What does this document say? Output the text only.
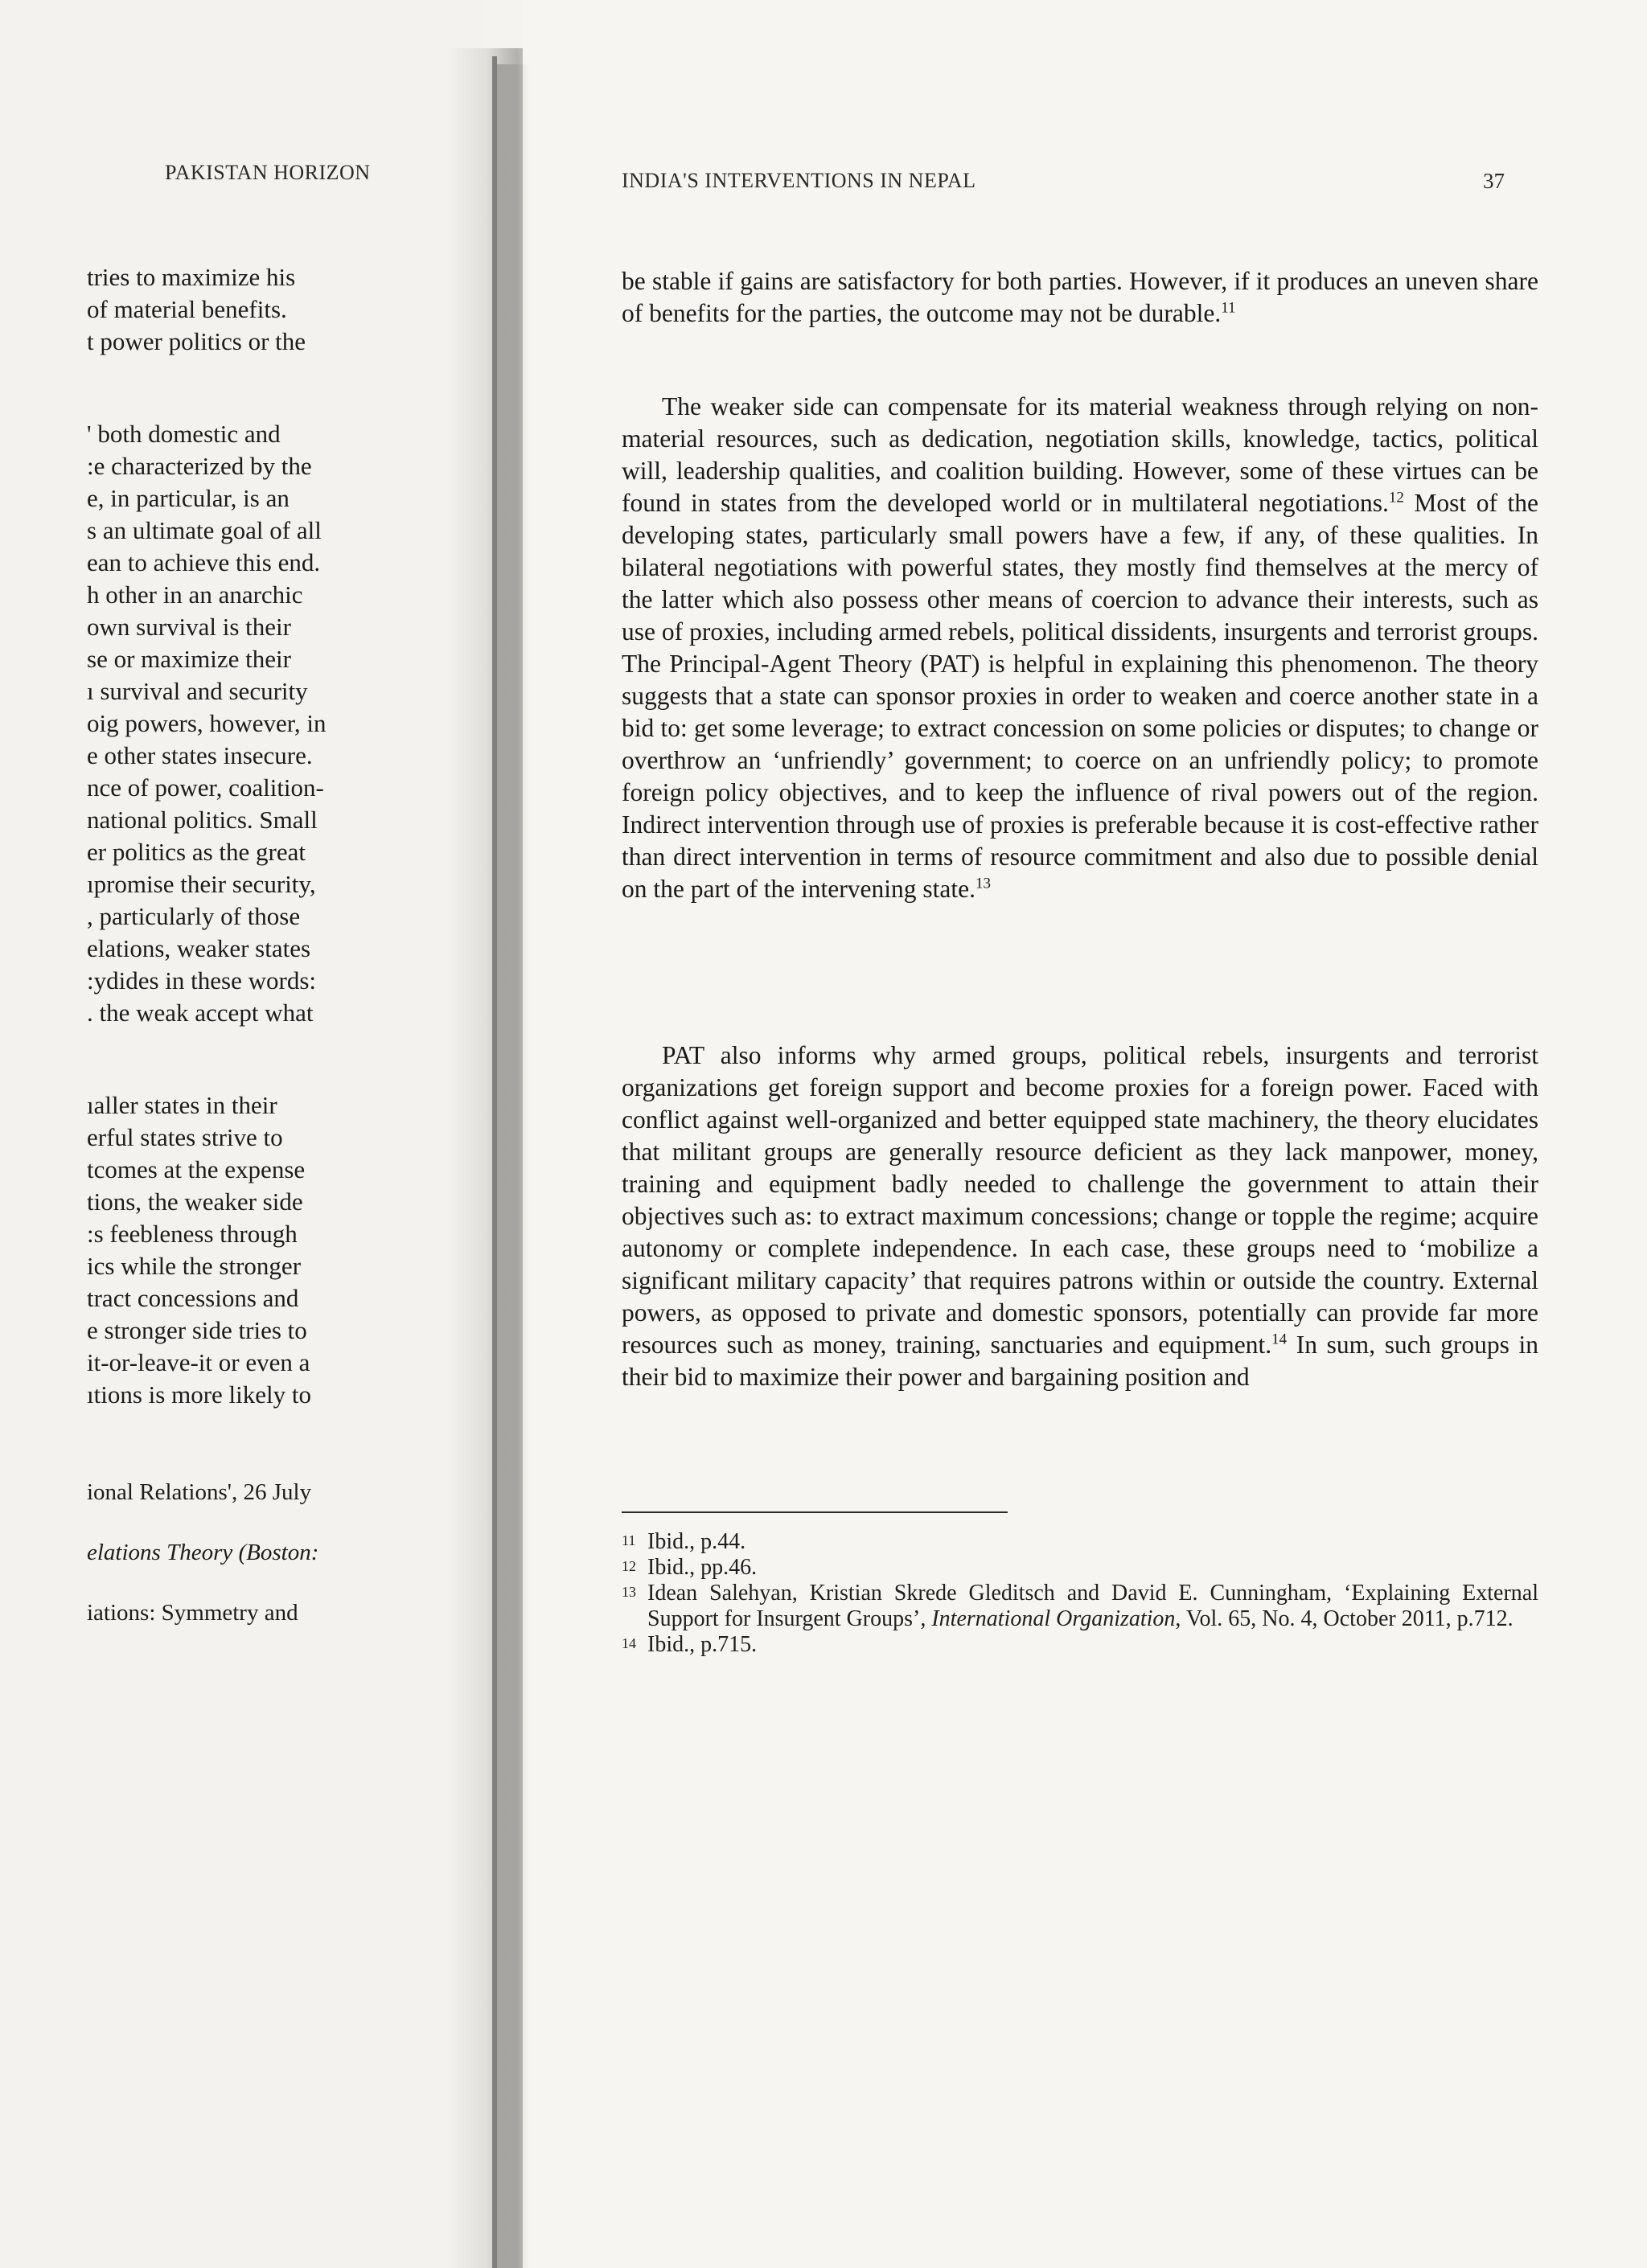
PAKISTAN HORIZON
tries to maximize his
of material benefits.
t power politics or the
' both domestic and
:e characterized by the
e, in particular, is an
s an ultimate goal of all
ean to achieve this end.
h other in an anarchic
own survival is their
se or maximize their
ı survival and security
oig powers, however, in
e other states insecure.
nce of power, coalition-
national politics. Small
er politics as the great
ıpromise their security,
, particularly of those
elations, weaker states
:ydides in these words:
. the weak accept what
ıaller states in their
erful states strive to
tcomes at the expense
tions, the weaker side
:s feebleness through
ics while the stronger
tract concessions and
e stronger side tries to
it-or-leave-it or even a
ıtions is more likely to
ional Relations', 26 July
elations Theory (Boston:
iations: Symmetry and
INDIA'S INTERVENTIONS IN NEPAL	37

be stable if gains are satisfactory for both parties. However, if it produces an uneven share of benefits for the parties, the outcome may not be durable.$^{11}$

The weaker side can compensate for its material weakness through relying on non-material resources, such as dedication, negotiation skills, knowledge, tactics, political will, leadership qualities, and coalition building. However, some of these virtues can be found in states from the developed world or in multilateral negotiations.$^{12}$ Most of the developing states, particularly small powers have a few, if any, of these qualities. In bilateral negotiations with powerful states, they mostly find themselves at the mercy of the latter which also possess other means of coercion to advance their interests, such as use of proxies, including armed rebels, political dissidents, insurgents and terrorist groups. The Principal-Agent Theory (PAT) is helpful in explaining this phenomenon. The theory suggests that a state can sponsor proxies in order to weaken and coerce another state in a bid to: get some leverage; to extract concession on some policies or disputes; to change or overthrow an ‘unfriendly’ government; to coerce on an unfriendly policy; to promote foreign policy objectives, and to keep the influence of rival powers out of the region. Indirect intervention through use of proxies is preferable because it is cost-effective rather than direct intervention in terms of resource commitment and also due to possible denial on the part of the intervening state.$^{13}$

PAT also informs why armed groups, political rebels, insurgents and terrorist organizations get foreign support and become proxies for a foreign power. Faced with conflict against well-organized and better equipped state machinery, the theory elucidates that militant groups are generally resource deficient as they lack manpower, money, training and equipment badly needed to challenge the government to attain their objectives such as: to extract maximum concessions; change or topple the regime; acquire autonomy or complete independence. In each case, these groups need to ‘mobilize a significant military capacity’ that requires patrons within or outside the country. External powers, as opposed to private and domestic sponsors, potentially can provide far more resources such as money, training, sanctuaries and equipment.$^{14}$ In sum, such groups in their bid to maximize their power and bargaining position and

11 Ibid., p.44.
12 Ibid., pp.46.
13 Idean Salehyan, Kristian Skrede Gleditsch and David E. Cunningham, ‘Explaining External Support for Insurgent Groups’, International Organization, Vol. 65, No. 4, October 2011, p.712.
14 Ibid., p.715.
